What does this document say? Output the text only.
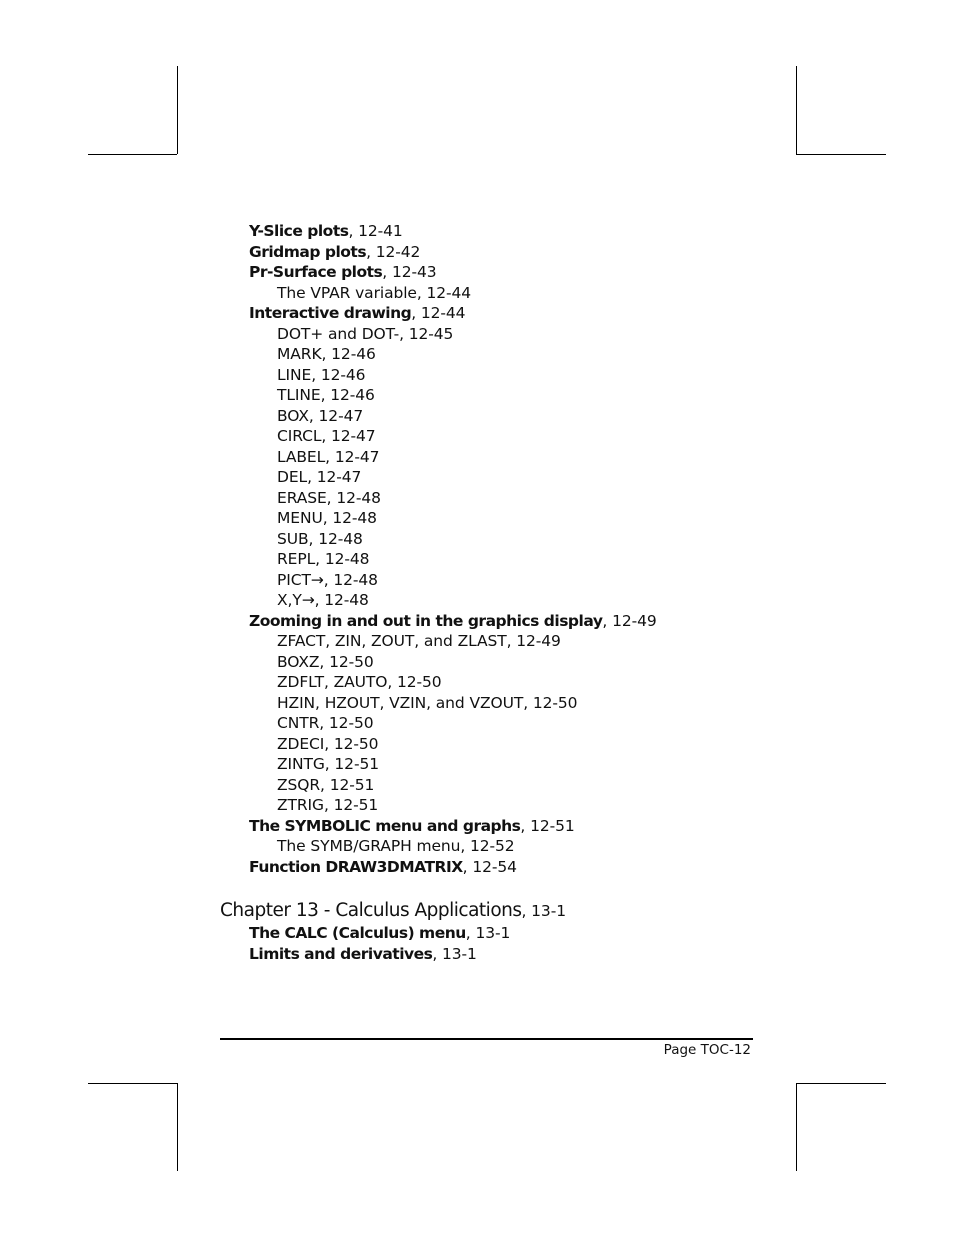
Y-Slice plots, 12-41
Gridmap plots, 12-42
Pr-Surface plots, 12-43
The VPAR variable, 12-44
Interactive drawing, 12-44
DOT+ and DOT-, 12-45
MARK, 12-46
LINE, 12-46
TLINE, 12-46
BOX, 12-47
CIRCL, 12-47
LABEL, 12-47
DEL, 12-47
ERASE, 12-48
MENU, 12-48
SUB, 12-48
REPL, 12-48
PICT→, 12-48
X,Y→, 12-48
Zooming in and out in the graphics display, 12-49
ZFACT, ZIN, ZOUT, and ZLAST, 12-49
BOXZ, 12-50
ZDFLT, ZAUTO, 12-50
HZIN, HZOUT, VZIN, and VZOUT, 12-50
CNTR, 12-50
ZDECI, 12-50
ZINTG, 12-51
ZSQR, 12-51
ZTRIG, 12-51
The SYMBOLIC menu and graphs, 12-51
The SYMB/GRAPH menu, 12-52
Function DRAW3DMATRIX, 12-54
Chapter 13 - Calculus Applications, 13-1
The CALC (Calculus) menu, 13-1
Limits and derivatives, 13-1
Page TOC-12
